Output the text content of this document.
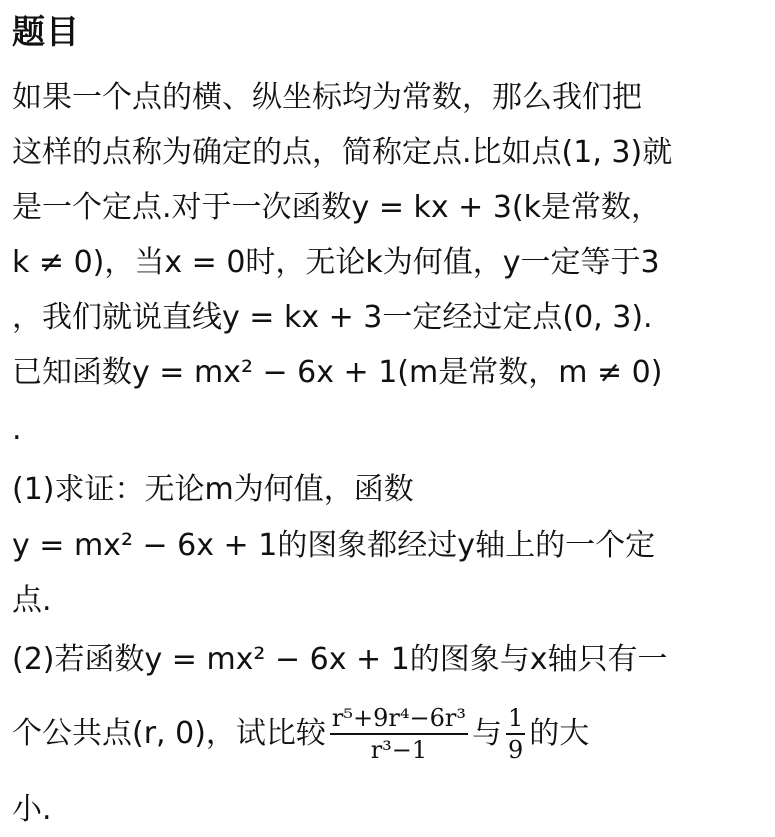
题目
如果一个点的横、纵坐标均为常数，那么我们把
这样的点称为确定的点，简称定点.比如点(1, 3)就
是一个定点.对于一次函数y = kx + 3(k是常数，
k ≠ 0)，当x = 0时，无论k为何值，y一定等于3
，我们就说直线y = kx + 3一定经过定点(0, 3).
已知函数y = mx² − 6x + 1(m是常数，m ≠ 0)
.
(1)求证：无论m为何值，函数
y = mx² − 6x + 1的图象都经过y轴上的一个定
点.
(2)若函数y = mx² − 6x + 1的图象与x轴只有一
个公共点(r, 0)，试比较 $\frac{\text{r⁵+9r⁴−6r³}}{\text{r³−1}}$ 与 $\frac{1}{9}$ 的大
小.
